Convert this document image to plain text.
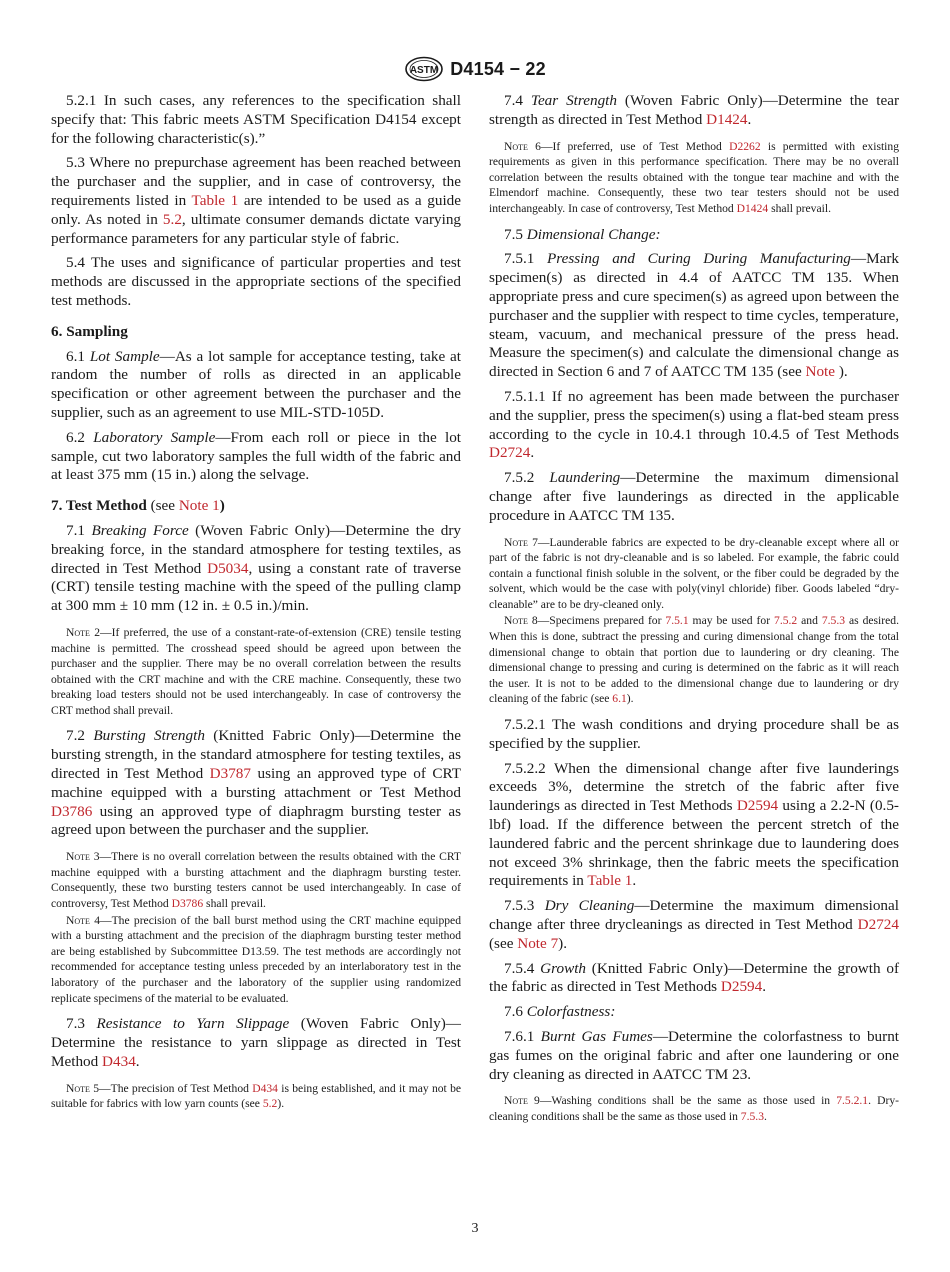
ASTM D4154 − 22

5.2.1 In such cases, any references to the specification shall specify that: This fabric meets ASTM Specification D4154 except for the following characteristic(s).”

5.3 Where no prepurchase agreement has been reached between the purchaser and the supplier, and in case of controversy, the requirements listed in Table 1 are intended to be used as a guide only. As noted in 5.2, ultimate consumer demands dictate varying performance parameters for any particular style of fabric.

5.4 The uses and significance of particular properties and test methods are discussed in the appropriate sections of the specified test methods.

6. Sampling

6.1 Lot Sample—As a lot sample for acceptance testing, take at random the number of rolls as directed in an applicable specification or other agreement between the purchaser and the supplier, such as an agreement to use MIL-STD-105D.

6.2 Laboratory Sample—From each roll or piece in the lot sample, cut two laboratory samples the full width of the fabric and at least 375 mm (15 in.) along the selvage.

7. Test Method (see Note 1)

7.1 Breaking Force (Woven Fabric Only)—Determine the dry breaking force, in the standard atmosphere for testing textiles, as directed in Test Method D5034, using a constant rate of traverse (CRT) tensile testing machine with the speed of the pulling clamp at 300 mm ± 10 mm (12 in. ± 0.5 in.)/min.

Note 2—If preferred, the use of a constant-rate-of-extension (CRE) tensile testing machine is permitted. The crosshead speed should be agreed upon between the purchaser and the supplier. There may be no overall correlation between the results obtained with the CRT machine and with the CRE machine. Consequently, these two breaking load testers should not be used interchangeably. In case of controversy the CRT method shall prevail.

7.2 Bursting Strength (Knitted Fabric Only)—Determine the bursting strength, in the standard atmosphere for testing textiles, as directed in Test Method D3787 using an approved type of CRT machine equipped with a bursting attachment or Test Method D3786 using an approved type of diaphragm bursting tester as agreed upon between the purchaser and the supplier.

Note 3—There is no overall correlation between the results obtained with the CRT machine equipped with a bursting attachment and the diaphragm bursting tester. Consequently, these two bursting testers cannot be used interchangeably. In case of controversy, Test Method D3786 shall prevail.

Note 4—The precision of the ball burst method using the CRT machine equipped with a bursting attachment and the precision of the diaphragm bursting tester method are being established by Subcommittee D13.59. The test methods are accordingly not recommended for acceptance testing unless preceded by an interlaboratory test in the laboratory of the purchaser and the laboratory of the supplier using randomized replicate specimens of the material to be evaluated.

7.3 Resistance to Yarn Slippage (Woven Fabric Only)—Determine the resistance to yarn slippage as directed in Test Method D434.

Note 5—The precision of Test Method D434 is being established, and it may not be suitable for fabrics with low yarn counts (see 5.2).

7.4 Tear Strength (Woven Fabric Only)—Determine the tear strength as directed in Test Method D1424.

Note 6—If preferred, use of Test Method D2262 is permitted with existing requirements as given in this performance specification. There may be no overall correlation between the results obtained with the tongue tear machine and with the Elmendorf machine. Consequently, these two tear testers should not be used interchangeably. In case of controversy, Test Method D1424 shall prevail.

7.5 Dimensional Change:

7.5.1 Pressing and Curing During Manufacturing—Mark specimen(s) as directed in 4.4 of AATCC TM 135. When appropriate press and cure specimen(s) as agreed upon between the purchaser and the supplier with respect to time cycles, temperature, steam, vacuum, and mechanical pressure of the press head. Measure the specimen(s) and calculate the dimensional change as directed in Section 6 and 7 of AATCC TM 135 (see Note ).

7.5.1.1 If no agreement has been made between the purchaser and the supplier, press the specimen(s) using a flat-bed steam press according to the cycle in 10.4.1 through 10.4.5 of Test Methods D2724.

7.5.2 Laundering—Determine the maximum dimensional change after five launderings as directed in the applicable procedure in AATCC TM 135.

Note 7—Launderable fabrics are expected to be dry-cleanable except where all or part of the fabric is not dry-cleanable and is so labeled. For example, the fabric could contain a functional finish soluble in the solvent, or the fiber could be degraded by the solvent, which would be the case with poly(vinyl chloride) fiber. Goods labeled “dry-cleanable” are to be dry-cleaned only.

Note 8—Specimens prepared for 7.5.1 may be used for 7.5.2 and 7.5.3 as desired. When this is done, subtract the pressing and curing dimensional change from the total dimensional change to obtain that portion due to laundering or dry cleaning. The dimensional change to pressing and curing is determined on the fabric as it will reach the user. It is not to be added to the dimensional change due to laundering or dry cleaning of the fabric (see 6.1).

7.5.2.1 The wash conditions and drying procedure shall be as specified by the supplier.

7.5.2.2 When the dimensional change after five launderings exceeds 3%, determine the stretch of the fabric after five launderings as directed in Test Methods D2594 using a 2.2-N (0.5-lbf) load. If the difference between the percent stretch of the laundered fabric and the percent shrinkage due to laundering does not exceed 3% shrinkage, then the fabric meets the specification requirements in Table 1.

7.5.3 Dry Cleaning—Determine the maximum dimensional change after three drycleanings as directed in Test Method D2724 (see Note 7).

7.5.4 Growth (Knitted Fabric Only)—Determine the growth of the fabric as directed in Test Methods D2594.

7.6 Colorfastness:

7.6.1 Burnt Gas Fumes—Determine the colorfastness to burnt gas fumes on the original fabric and after one laundering or one dry cleaning as directed in AATCC TM 23.

Note 9—Washing conditions shall be the same as those used in 7.5.2.1. Dry-cleaning conditions shall be the same as those used in 7.5.3.

3
